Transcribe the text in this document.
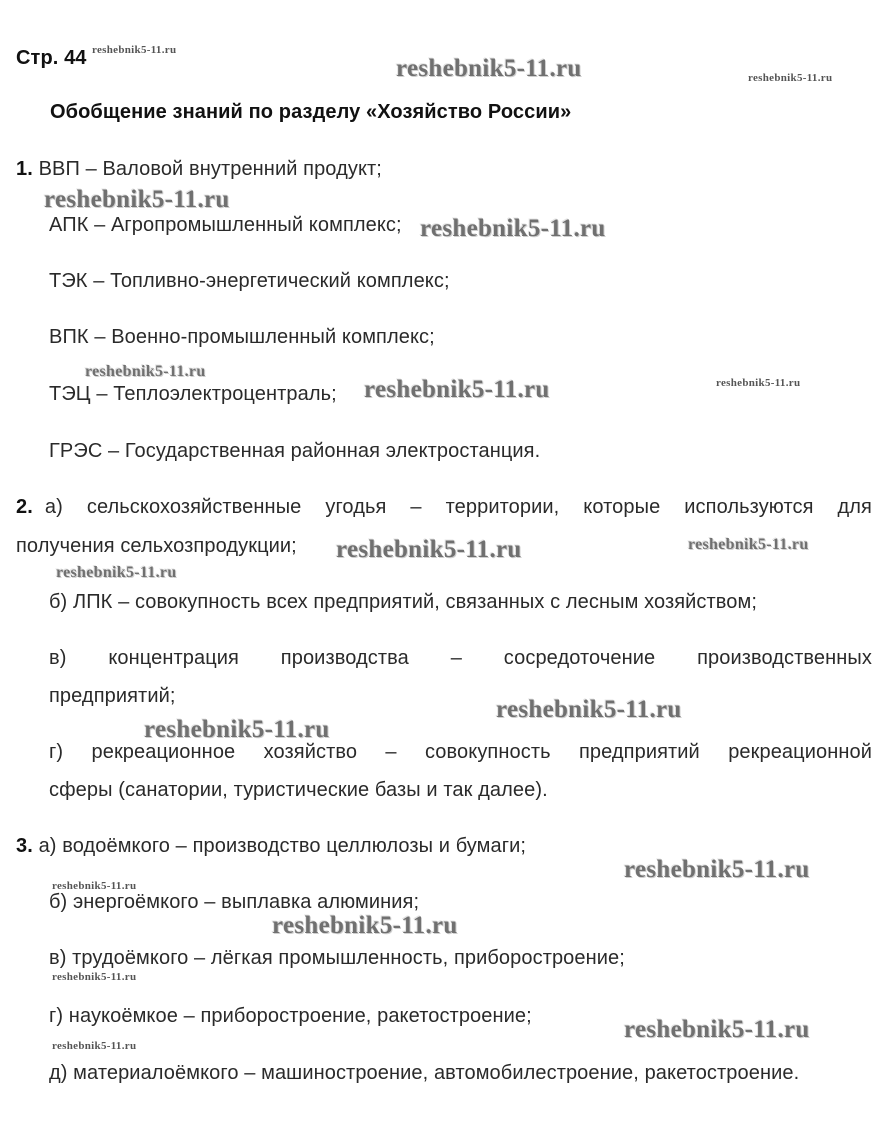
Стр. 44
Обобщение знаний по разделу «Хозяйство России»
1. ВВП – Валовой внутренний продукт;
АПК – Агропромышленный комплекс;
ТЭК – Топливно-энергетический комплекс;
ВПК – Военно-промышленный комплекс;
ТЭЦ – Теплоэлектроцентраль;
ГРЭС – Государственная районная электростанция.
2. а) сельскохозяйственные угодья – территории, которые используются для
получения сельхозпродукции;
б) ЛПК – совокупность всех предприятий, связанных с лесным хозяйством;
в) концентрация производства – сосредоточение производственных
предприятий;
г) рекреационное хозяйство – совокупность предприятий рекреационной
сферы (санатории, туристические базы и так далее).
3. а) водоёмкого – производство целлюлозы и бумаги;
б) энергоёмкого – выплавка алюминия;
в) трудоёмкого – лёгкая промышленность, приборостроение;
г) наукоёмкое – приборостроение, ракетостроение;
д) материалоёмкого – машиностроение, автомобилестроение, ракетостроение.
reshebnik5-11.ru
reshebnik5-11.ru	reshebnik5-11.ru
reshebnik5-11.ru
reshebnik5-11.ru
reshebnik5-11.ru
reshebnik5-11.ru	reshebnik5-11.ru
reshebnik5-11.ru	reshebnik5-11.ru
reshebnik5-11.ru
reshebnik5-11.ru
reshebnik5-11.ru
reshebnik5-11.ru
reshebnik5-11.ru
reshebnik5-11.ru
reshebnik5-11.ru
reshebnik5-11.ru
reshebnik5-11.ru
